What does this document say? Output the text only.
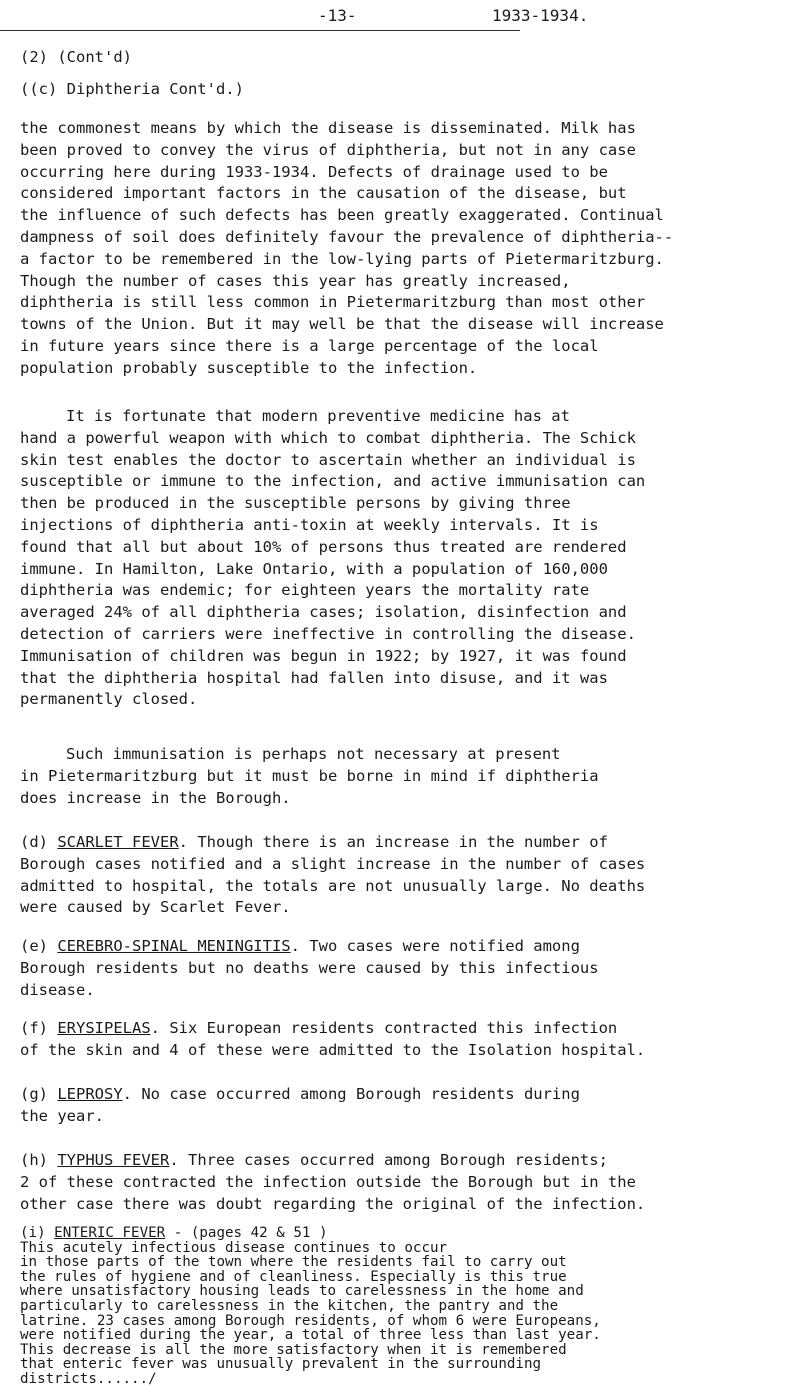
-13-	1933-1934.
(2) (Cont'd)
((c) Diphtheria Cont'd.)
the commonest means by which the disease is disseminated. Milk has
been proved to convey the virus of diphtheria, but not in any case
occurring here during 1933-1934. Defects of drainage used to be
considered important factors in the causation of the disease, but
the influence of such defects has been greatly exaggerated. Continual
dampness of soil does definitely favour the prevalence of diphtheria--
a factor to be remembered in the low-lying parts of Pietermaritzburg.
Though the number of cases this year has greatly increased,
diphtheria is still less common in Pietermaritzburg than most other
towns of the Union. But it may well be that the disease will increase
in future years since there is a large percentage of the local
population probably susceptible to the infection.
It is fortunate that modern preventive medicine has at
hand a powerful weapon with which to combat diphtheria. The Schick
skin test enables the doctor to ascertain whether an individual is
susceptible or immune to the infection, and active immunisation can
then be produced in the susceptible persons by giving three
injections of diphtheria anti-toxin at weekly intervals. It is
found that all but about 10% of persons thus treated are rendered
immune. In Hamilton, Lake Ontario, with a population of 160,000
diphtheria was endemic; for eighteen years the mortality rate
averaged 24% of all diphtheria cases; isolation, disinfection and
detection of carriers were ineffective in controlling the disease.
Immunisation of children was begun in 1922; by 1927, it was found
that the diphtheria hospital had fallen into disuse, and it was
permanently closed.
Such immunisation is perhaps not necessary at present
in Pietermaritzburg but it must be borne in mind if diphtheria
does increase in the Borough.
(d) SCARLET FEVER. Though there is an increase in the number of
Borough cases notified and a slight increase in the number of cases
admitted to hospital, the totals are not unusually large. No deaths
were caused by Scarlet Fever.
(e) CEREBRO-SPINAL MENINGITIS. Two cases were notified among
Borough residents but no deaths were caused by this infectious
disease.
(f) ERYSIPELAS. Six European residents contracted this infection
of the skin and 4 of these were admitted to the Isolation hospital.
(g) LEPROSY. No case occurred among Borough residents during
the year.
(h) TYPHUS FEVER. Three cases occurred among Borough residents;
2 of these contracted the infection outside the Borough but in the
other case there was doubt regarding the original of the infection.
(i) ENTERIC FEVER - (pages 42 & 51 )
This acutely infectious disease continues to occur
in those parts of the town where the residents fail to carry out
the rules of hygiene and of cleanliness. Especially is this true
where unsatisfactory housing leads to carelessness in the home and
particularly to carelessness in the kitchen, the pantry and the
latrine. 23 cases among Borough residents, of whom 6 were Europeans,
were notified during the year, a total of three less than last year.
This decrease is all the more satisfactory when it is remembered
that enteric fever was unusually prevalent in the surrounding
districts....../
